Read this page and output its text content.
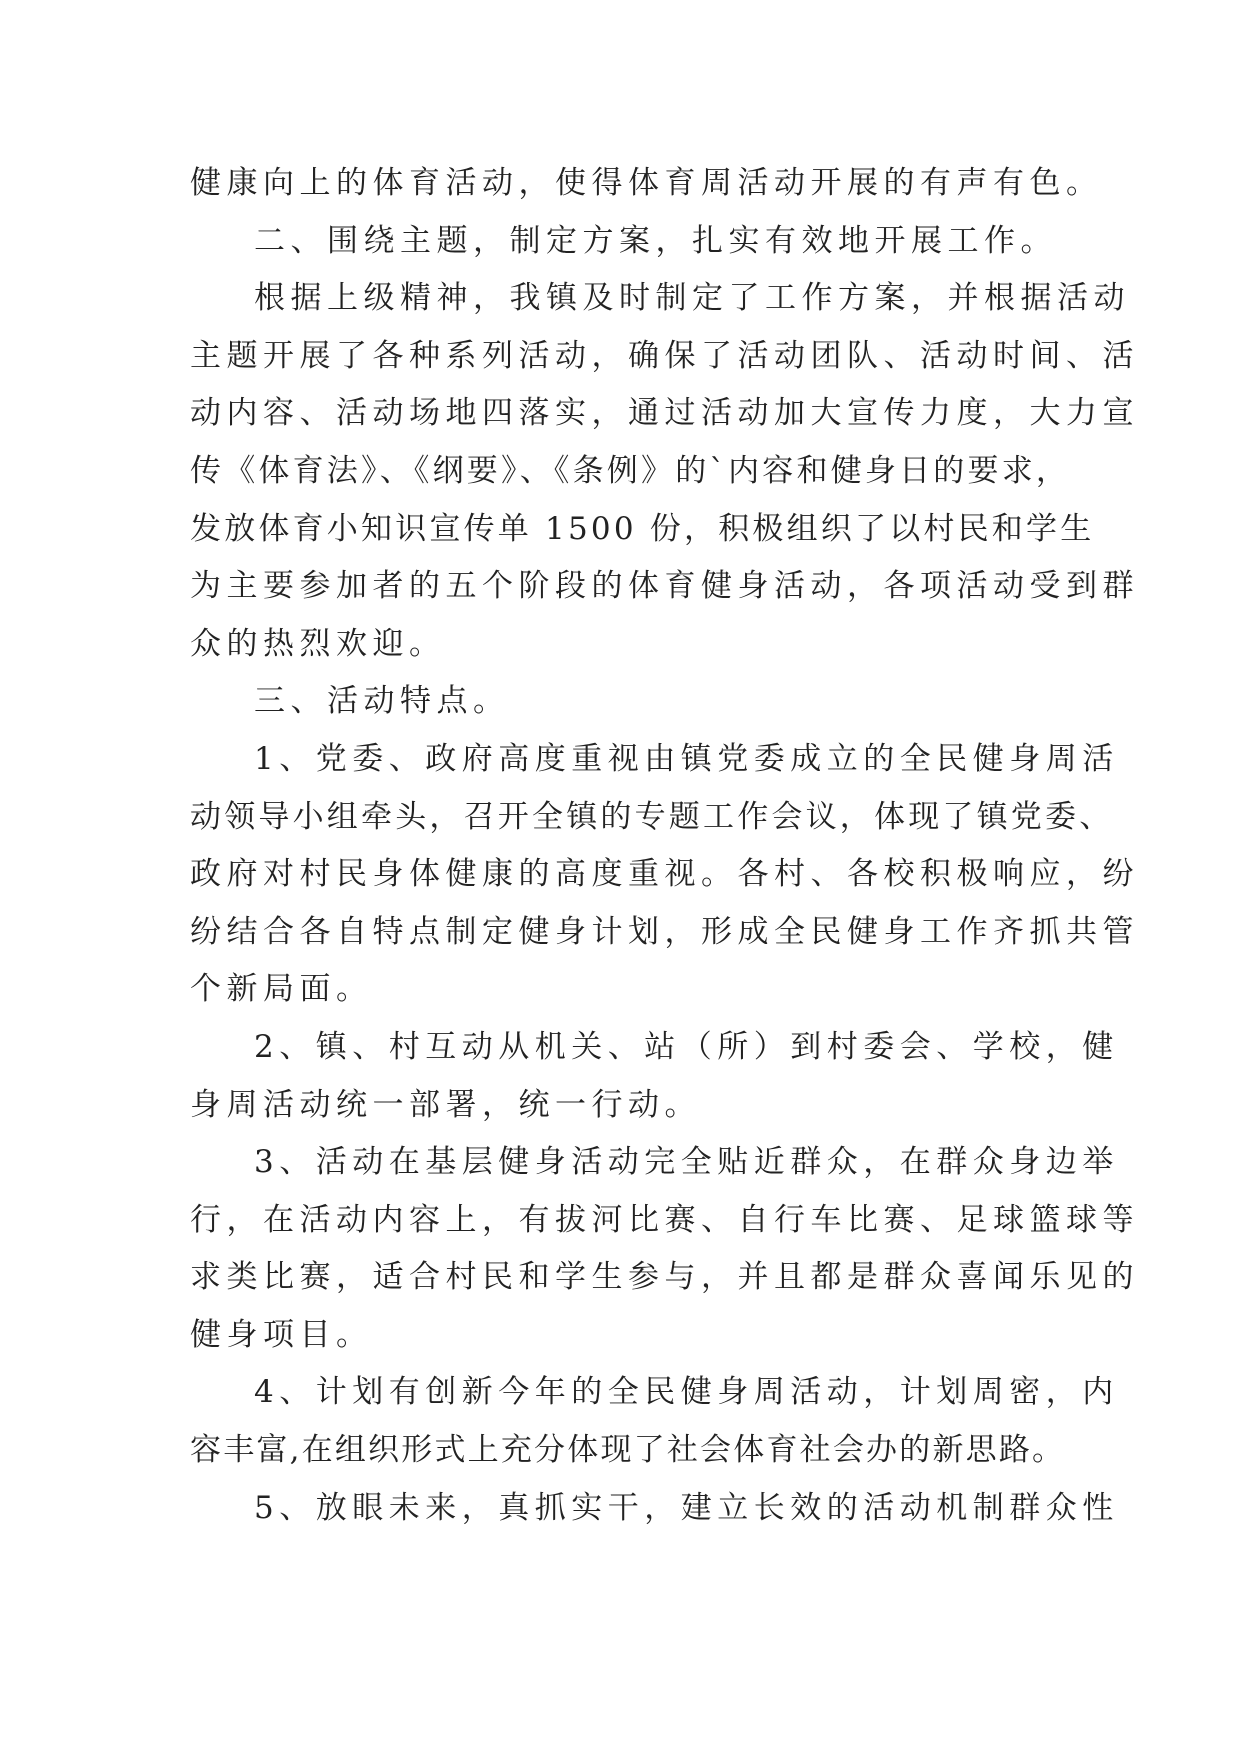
健康向上的体育活动，使得体育周活动开展的有声有色。
二、围绕主题，制定方案，扎实有效地开展工作。
根据上级精神，我镇及时制定了工作方案，并根据活动
主题开展了各种系列活动，确保了活动团队、活动时间、活
动内容、活动场地四落实，通过活动加大宣传力度，大力宣
传《体育法》、《纲要》、《条例》的`内容和健身日的要求，
发放体育小知识宣传单 1500 份，积极组织了以村民和学生
为主要参加者的五个阶段的体育健身活动，各项活动受到群
众的热烈欢迎。
三、活动特点。
1、党委、政府高度重视由镇党委成立的全民健身周活
动领导小组牵头，召开全镇的专题工作会议，体现了镇党委、
政府对村民身体健康的高度重视。各村、各校积极响应，纷
纷结合各自特点制定健身计划，形成全民健身工作齐抓共管
个新局面。
2、镇、村互动从机关、站（所）到村委会、学校，健
身周活动统一部署，统一行动。
3、活动在基层健身活动完全贴近群众，在群众身边举
行，在活动内容上，有拔河比赛、自行车比赛、足球篮球等
求类比赛，适合村民和学生参与，并且都是群众喜闻乐见的
健身项目。
4、计划有创新今年的全民健身周活动，计划周密，内
容丰富,在组织形式上充分体现了社会体育社会办的新思路。
5、放眼未来，真抓实干，建立长效的活动机制群众性
